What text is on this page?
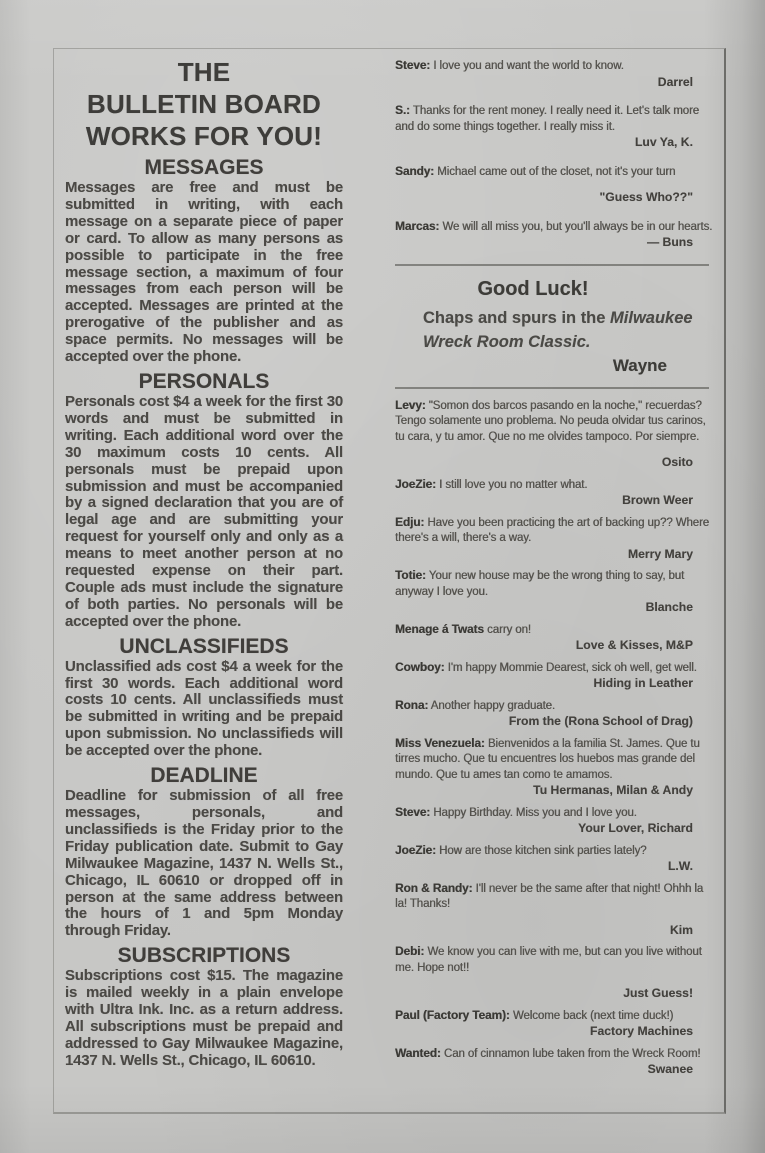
THE
BULLETIN BOARD
WORKS FOR YOU!
MESSAGES

Messages are free and must be submitted in writing, with each message on a separate piece of paper or card. To allow as many persons as possible to participate in the free message section, a maximum of four messages from each person will be accepted. Messages are printed at the prerogative of the publisher and as space permits. No messages will be accepted over the phone.

PERSONALS

Personals cost $4 a week for the first 30 words and must be submitted in writing. Each additional word over the 30 maximum costs 10 cents. All personals must be prepaid upon submission and must be accompanied by a signed declaration that you are of legal age and are submitting your request for yourself only and only as a means to meet another person at no requested expense on their part. Couple ads must include the signature of both parties. No personals will be accepted over the phone.

UNCLASSIFIEDS

Unclassified ads cost $4 a week for the first 30 words. Each additional word costs 10 cents. All unclassifieds must be submitted in writing and be prepaid upon submission. No unclassifieds will be accepted over the phone.

DEADLINE

Deadline for submission of all free messages, personals, and unclassifieds is the Friday prior to the Friday publication date. Submit to Gay Milwaukee Magazine, 1437 N. Wells St., Chicago, IL 60610 or dropped off in person at the same address between the hours of 1 and 5pm Monday through Friday.

SUBSCRIPTIONS

Subscriptions cost $15. The magazine is mailed weekly in a plain envelope with Ultra Ink. Inc. as a return address. All subscriptions must be prepaid and addressed to Gay Milwaukee Magazine, 1437 N. Wells St., Chicago, IL 60610.

Steve: I love you and want the world to know.

Darrel

S.: Thanks for the rent money. I really need it. Let's talk more and do some things together. I really miss it.

Luv Ya, K.

Sandy: Michael came out of the closet, not it's your turn

"Guess Who??"

Marcas: We will all miss you, but you'll always be in our hearts.

— Buns
Good Luck!

Chaps and spurs in the Milwaukee Wreck Room Classic.

Wayne

Levy: "Somon dos barcos pasando en la noche," recuerdas? Tengo solamente uno problema. No peuda olvidar tus carinos, tu cara, y tu amor. Que no me olvides tampoco. Por siempre.

Osito

JoeZie: I still love you no matter what.

Brown Weer

Edju: Have you been practicing the art of backing up?? Where there's a will, there's a way.

Merry Mary

Totie: Your new house may be the wrong thing to say, but anyway I love you.

Blanche

Menage á Twats carry on!

Love & Kisses, M&P

Cowboy: I'm happy Mommie Dearest, sick oh well, get well.

Hiding in Leather

Rona: Another happy graduate.

From the (Rona School of Drag)

Miss Venezuela: Bienvenidos a la familia St. James. Que tu tirres mucho. Que tu encuentres los huebos mas grande del mundo. Que tu ames tan como te amamos.

Tu Hermanas, Milan & Andy

Steve: Happy Birthday. Miss you and I love you.

Your Lover, Richard

JoeZie: How are those kitchen sink parties lately?

L.W.

Ron & Randy: I'll never be the same after that night! Ohhh la la! Thanks!

Kim

Debi: We know you can live with me, but can you live without me. Hope not!!

Just Guess!

Paul (Factory Team): Welcome back (next time duck!)

Factory Machines

Wanted: Can of cinnamon lube taken from the Wreck Room!

Swanee
